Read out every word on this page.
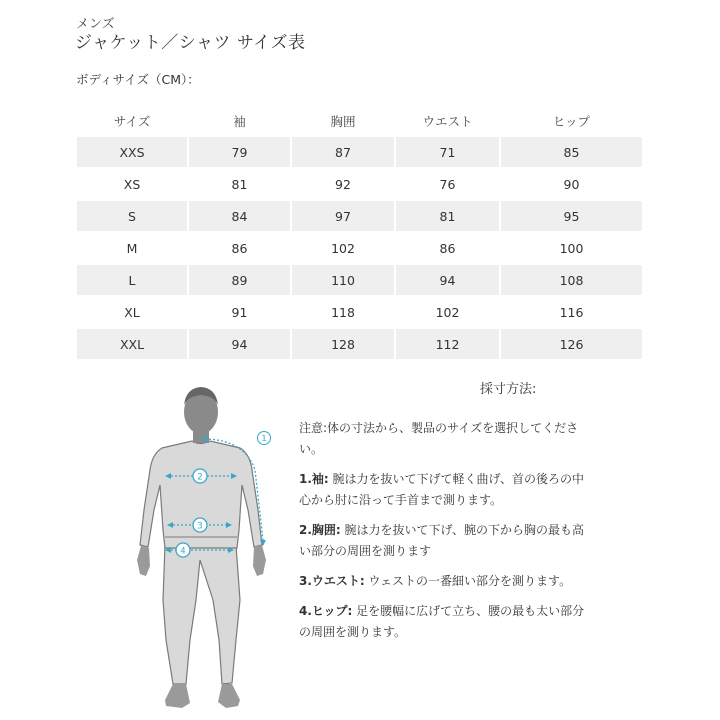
メンズ
ジャケット／シャツ サイズ表
ボディサイズ（CM）：
サイズ	袖	胸囲	ウエスト	ヒップ
XXS	79	87	71	85
XS	81	92	76	90
S	84	97	81	95
M	86	102	86	100
L	89	110	94	108
XL	91	118	102	116
XXL	94	128	112	126
1
2
3
4
採寸方法:

注意:体の寸法から、製品のサイズを選択してください。

1.袖: 腕は力を抜いて下げて軽く曲げ、首の後ろの中心から肘に沿って手首まで測ります。

2.胸囲: 腕は力を抜いて下げ、腕の下から胸の最も高い部分の周囲を測ります

3.ウエスト: ウェストの一番細い部分を測ります。

4.ヒップ: 足を腰幅に広げて立ち、腰の最も太い部分の周囲を測ります。
